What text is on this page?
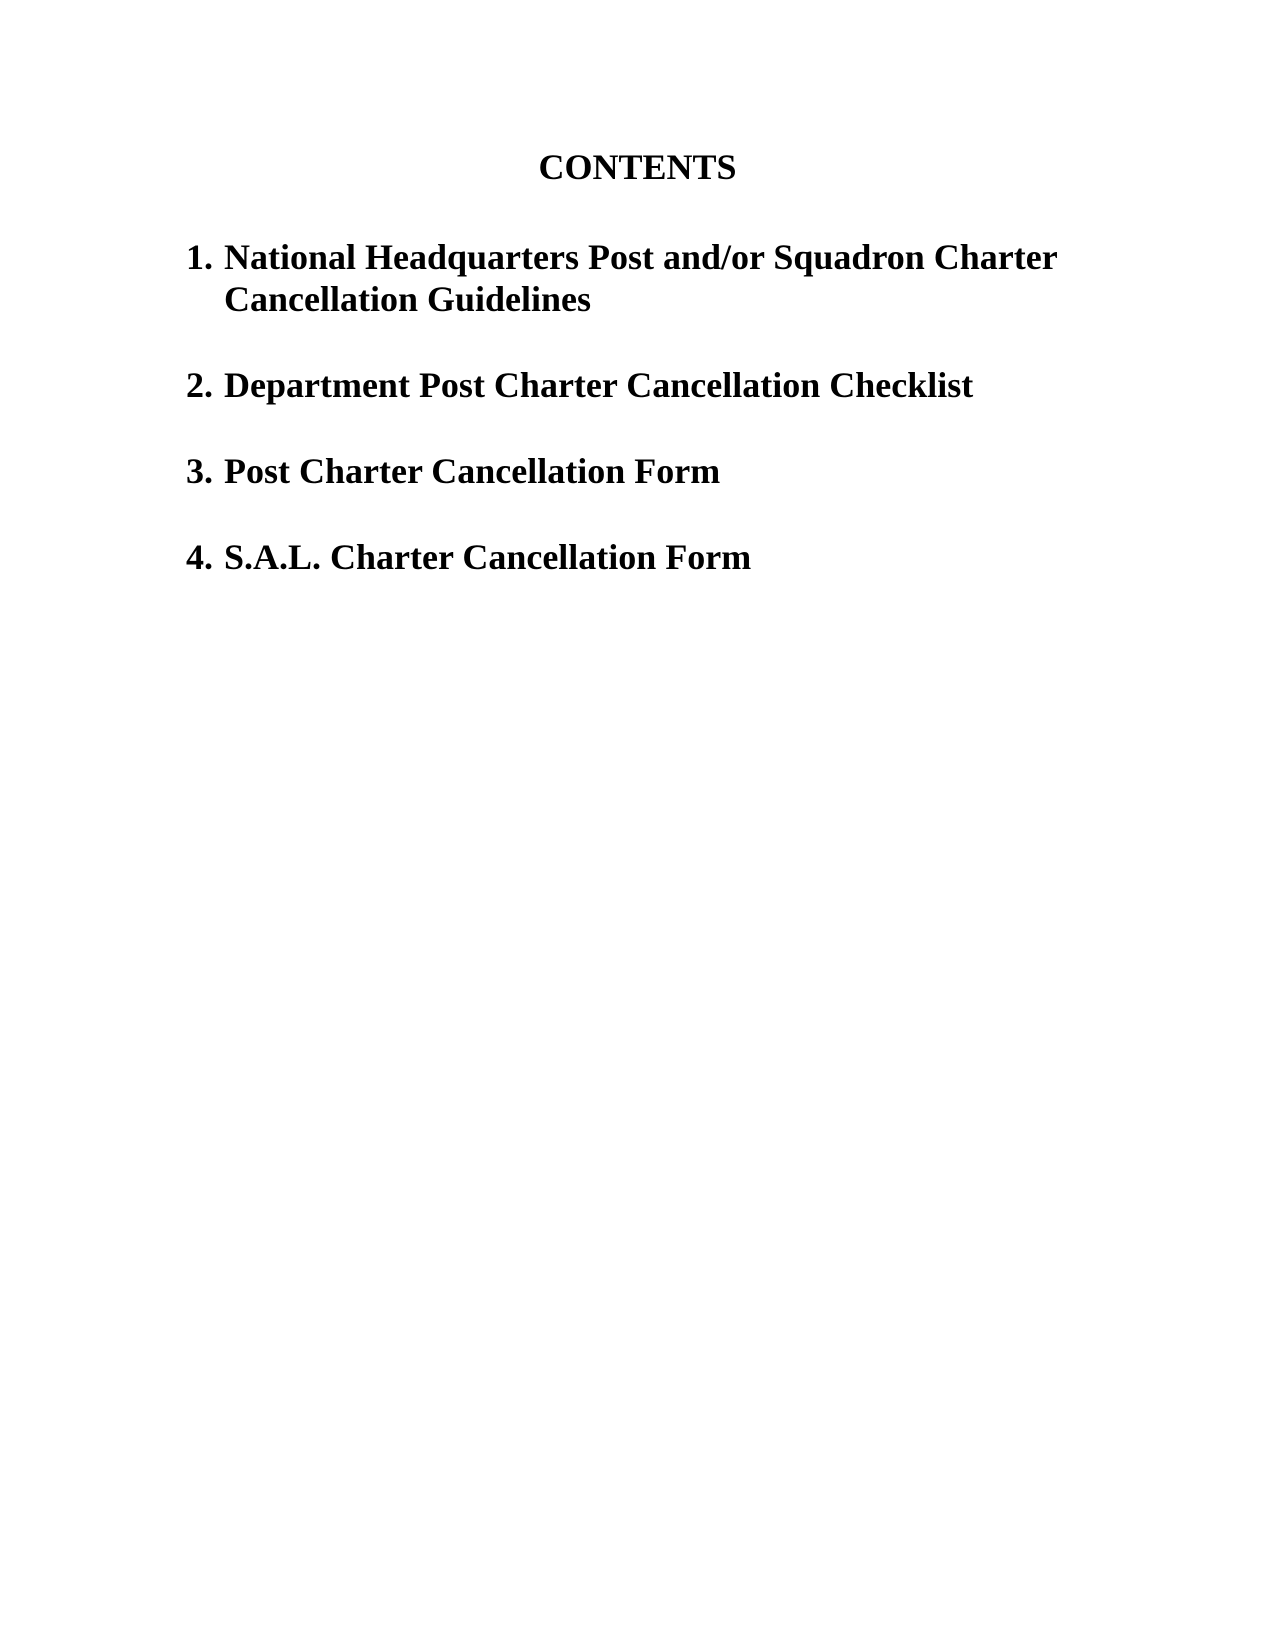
CONTENTS
1. National Headquarters Post and/or Squadron Charter Cancellation Guidelines
2. Department Post Charter Cancellation Checklist
3. Post Charter Cancellation Form
4. S.A.L. Charter Cancellation Form
